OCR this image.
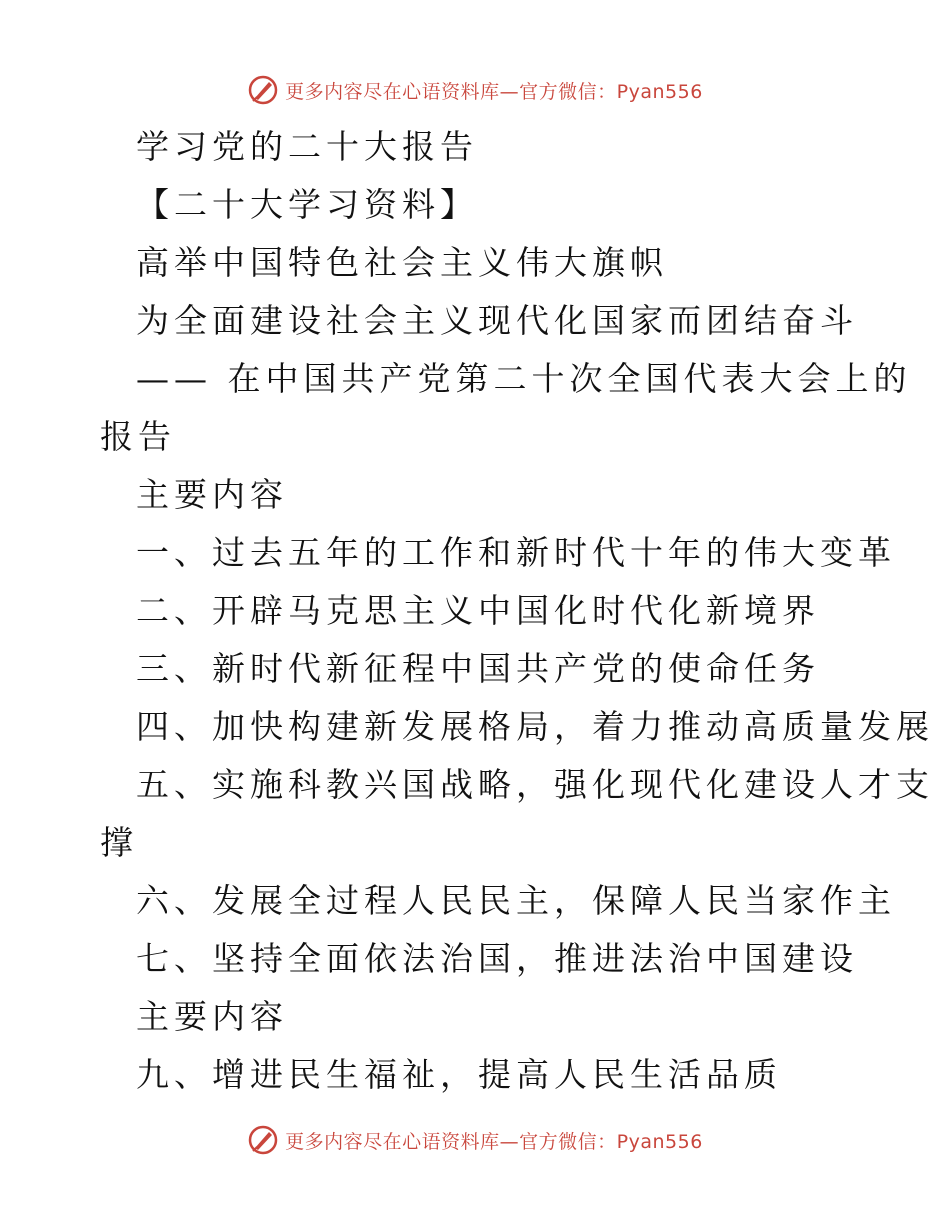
更多内容尽在心语资料库—官方微信：Pyan556

学习党的二十大报告

【二十大学习资料】

高举中国特色社会主义伟大旗帜

为全面建设社会主义现代化国家而团结奋斗

—— 在中国共产党第二十次全国代表大会上的

报告

主要内容

一、过去五年的工作和新时代十年的伟大变革

二、开辟马克思主义中国化时代化新境界

三、新时代新征程中国共产党的使命任务

四、加快构建新发展格局，着力推动高质量发展

五、实施科教兴国战略，强化现代化建设人才支

撑

六、发展全过程人民民主，保障人民当家作主

七、坚持全面依法治国，推进法治中国建设

主要内容

九、增进民生福祉，提高人民生活品质

更多内容尽在心语资料库—官方微信：Pyan556
